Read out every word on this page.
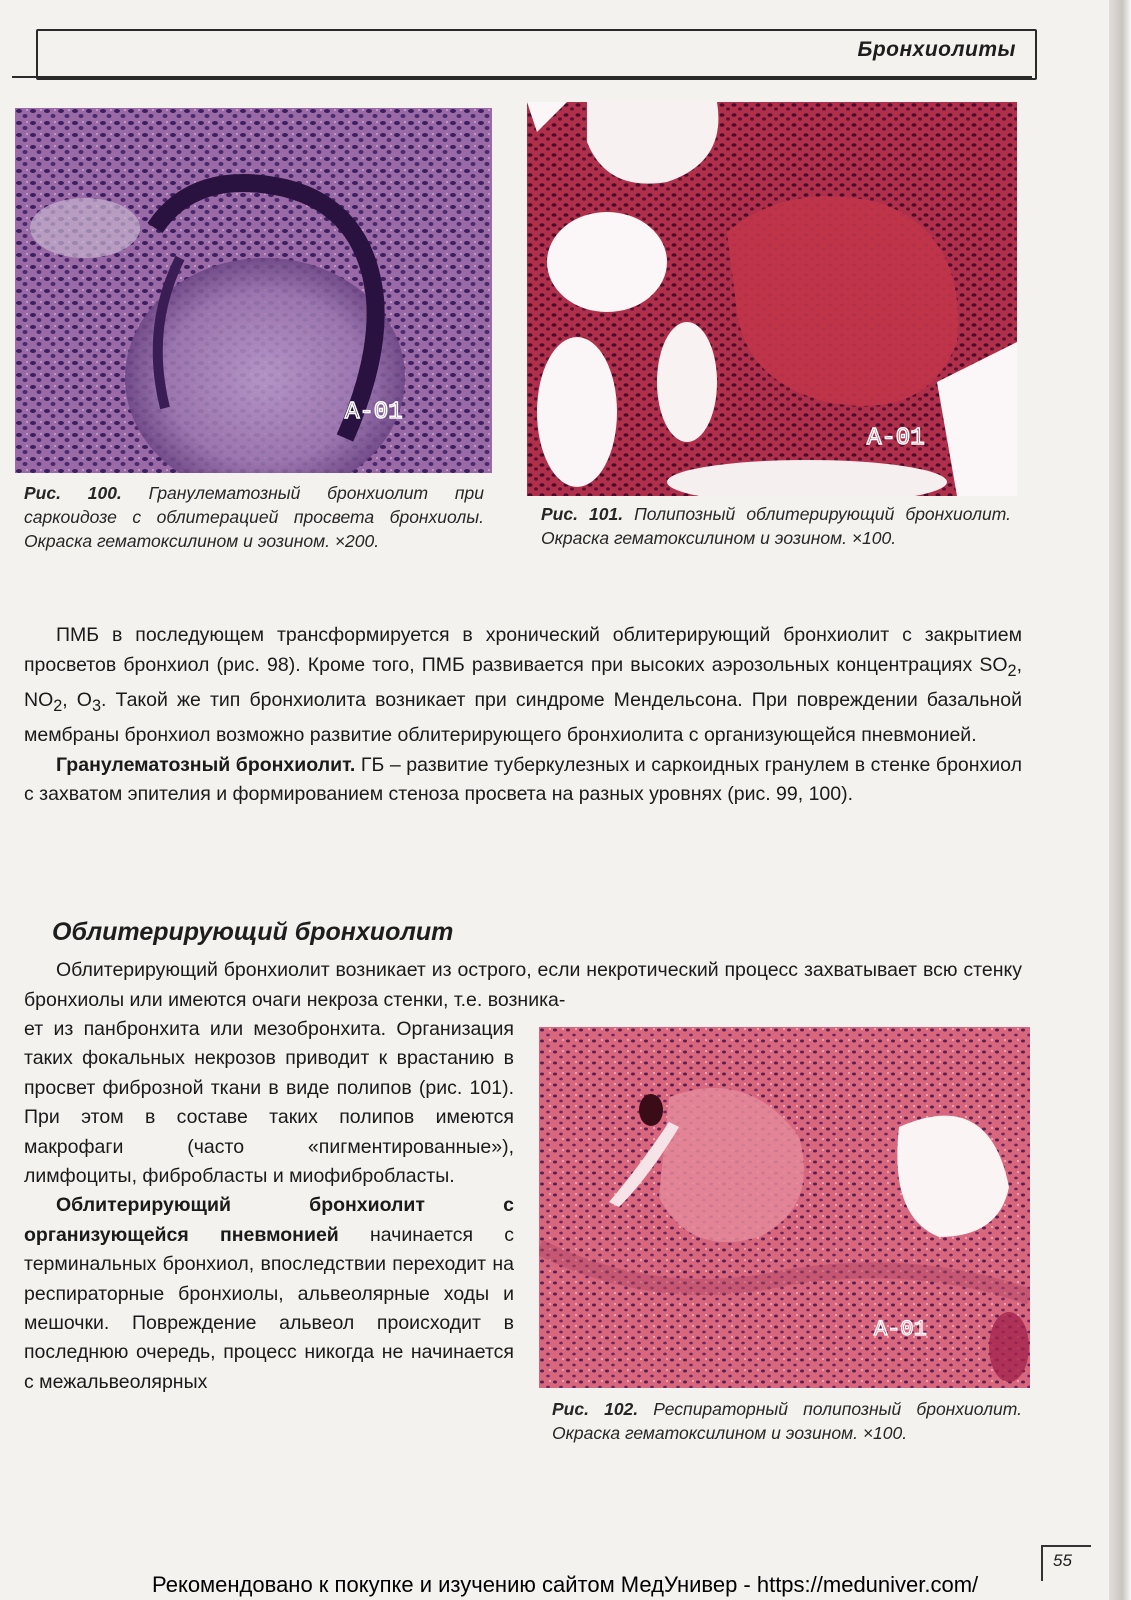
Бронхиолиты
A-01
Рис. 100. Гранулематозный бронхиолит при саркоидозе с облитерацией просвета бронхиолы. Окраска гематоксилином и эозином. ×200.
A-01
Рис. 101. Полипозный облитерирующий бронхиолит. Окраска гематоксилином и эозином. ×100.

ПМБ в последующем трансформируется в хронический облитерирующий бронхиолит с закрытием просветов бронхиол (рис. 98). Кроме того, ПМБ развивается при высоких аэрозольных концентрациях $SO_2$, $NO_2$, $O_3$. Такой же тип бронхиолита возникает при синдроме Мендельсона. При повреждении базальной мембраны бронхиол возможно развитие облитерирующего бронхиолита с организующейся пневмонией.

Гранулематозный бронхиолит. ГБ – развитие туберкулезных и саркоидных гранулем в стенке бронхиол с захватом эпителия и формированием стеноза просвета на разных уровнях (рис. 99, 100).

Облитерирующий бронхиолит

Облитерирующий бронхиолит возникает из острого, если некротический процесс захватывает всю стенку бронхиолы или имеются очаги некроза стенки, т.е. возника-

ет из панбронхита или мезобронхита. Организация таких фокальных некрозов приводит к врастанию в просвет фиброзной ткани в виде полипов (рис. 101). При этом в составе таких полипов имеются макрофаги (часто «пигментированные»), лимфоциты, фибробласты и миофибробласты.

Облитерирующий бронхиолит с организующейся пневмонией начинается с терминальных бронхиол, впоследствии переходит на респираторные бронхиолы, альвеолярные ходы и мешочки. Повреждение альвеол происходит в последнюю очередь, процесс никогда не начинается с межальвеолярных

A-01
Рис. 102. Респираторный полипозный бронхиолит. Окраска гематоксилином и эозином. ×100.
55
Рекомендовано к покупке и изучению сайтом МедУнивер - https://meduniver.com/
